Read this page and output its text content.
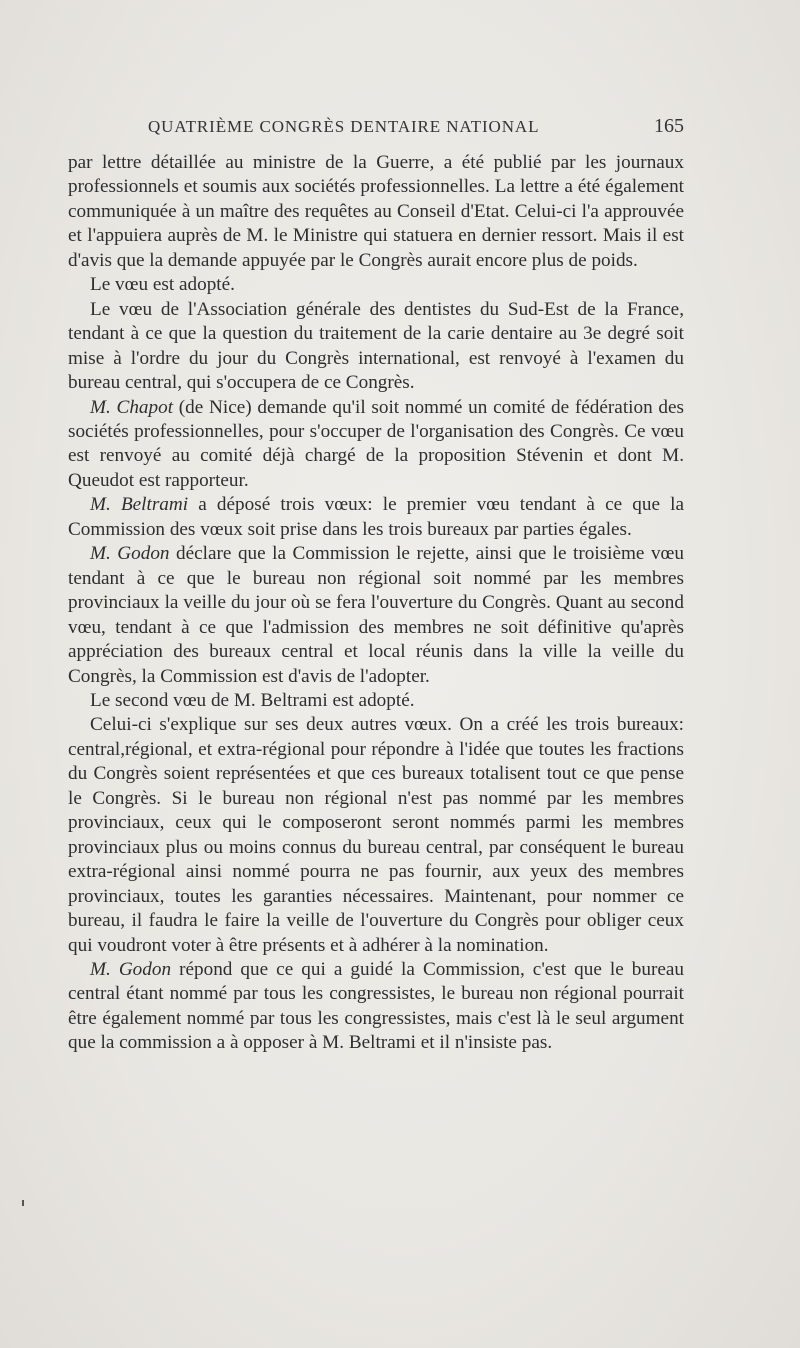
QUATRIÈME CONGRÈS DENTAIRE NATIONAL	165

par lettre détaillée au ministre de la Guerre, a été publié par les journaux professionnels et soumis aux sociétés professionnelles. La lettre a été également communiquée à un maître des requêtes au Conseil d'Etat. Celui-ci l'a approuvée et l'appuiera auprès de M. le Ministre qui statuera en dernier ressort. Mais il est d'avis que la demande appuyée par le Congrès aurait encore plus de poids.

Le vœu est adopté.

Le vœu de l'Association générale des dentistes du Sud-Est de la France, tendant à ce que la question du traitement de la carie dentaire au 3e degré soit mise à l'ordre du jour du Congrès international, est renvoyé à l'examen du bureau central, qui s'occupera de ce Congrès.

M. Chapot (de Nice) demande qu'il soit nommé un comité de fédération des sociétés professionnelles, pour s'occuper de l'organisation des Congrès. Ce vœu est renvoyé au comité déjà chargé de la proposition Stévenin et dont M. Queudot est rapporteur.

M. Beltrami a déposé trois vœux: le premier vœu tendant à ce que la Commission des vœux soit prise dans les trois bureaux par parties égales.

M. Godon déclare que la Commission le rejette, ainsi que le troisième vœu tendant à ce que le bureau non régional soit nommé par les membres provinciaux la veille du jour où se fera l'ouverture du Congrès. Quant au second vœu, tendant à ce que l'admission des membres ne soit définitive qu'après appréciation des bureaux central et local réunis dans la ville la veille du Congrès, la Commission est d'avis de l'adopter.

Le second vœu de M. Beltrami est adopté.

Celui-ci s'explique sur ses deux autres vœux. On a créé les trois bureaux: central,régional, et extra-régional pour répondre à l'idée que toutes les fractions du Congrès soient représentées et que ces bureaux totalisent tout ce que pense le Congrès. Si le bureau non régional n'est pas nommé par les membres provinciaux, ceux qui le composeront seront nommés parmi les membres provinciaux plus ou moins connus du bureau central, par conséquent le bureau extra-régional ainsi nommé pourra ne pas fournir, aux yeux des membres provinciaux, toutes les garanties nécessaires. Maintenant, pour nommer ce bureau, il faudra le faire la veille de l'ouverture du Congrès pour obliger ceux qui voudront voter à être présents et à adhérer à la nomination.

M. Godon répond que ce qui a guidé la Commission, c'est que le bureau central étant nommé par tous les congressistes, le bureau non régional pourrait être également nommé par tous les congressistes, mais c'est là le seul argument que la commission a à opposer à M. Beltrami et il n'insiste pas.
